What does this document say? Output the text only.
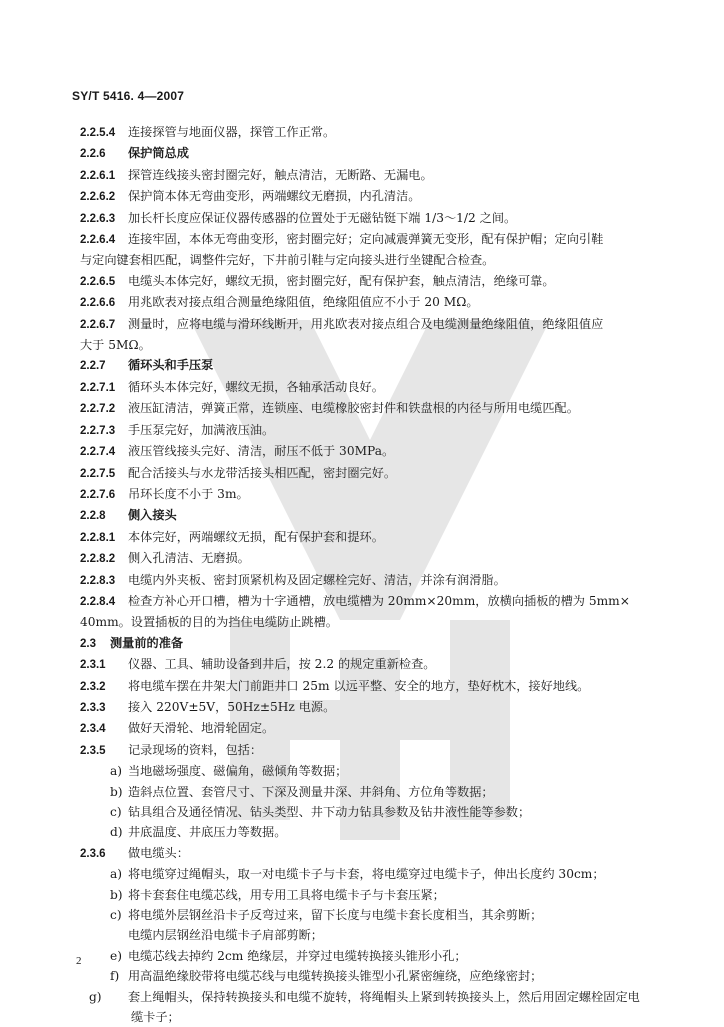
SY/T 5416. 4—2007
2.2.5.4 连接探管与地面仪器，探管工作正常。
2.2.6 保护筒总成
2.2.6.1 探管连线接头密封圈完好，触点清洁，无断路、无漏电。
2.2.6.2 保护筒本体无弯曲变形，两端螺纹无磨损，内孔清洁。
2.2.6.3 加长杆长度应保证仪器传感器的位置处于无磁钻铤下端 1/3～1/2 之间。
2.2.6.4 连接牢固，本体无弯曲变形，密封圈完好；定向减震弹簧无变形，配有保护帽；定向引鞋
与定向键套相匹配，调整件完好，下井前引鞋与定向接头进行坐键配合检查。
2.2.6.5 电缆头本体完好，螺纹无损，密封圈完好，配有保护套，触点清洁，绝缘可靠。
2.2.6.6 用兆欧表对接点组合测量绝缘阻值，绝缘阻值应不小于 20 MΩ。
2.2.6.7 测量时，应将电缆与滑环线断开，用兆欧表对接点组合及电缆测量绝缘阻值，绝缘阻值应
大于 5MΩ。
2.2.7 循环头和手压泵
2.2.7.1 循环头本体完好，螺纹无损，各轴承活动良好。
2.2.7.2 液压缸清洁，弹簧正常，连锁座、电缆橡胶密封件和铁盘根的内径与所用电缆匹配。
2.2.7.3 手压泵完好，加满液压油。
2.2.7.4 液压管线接头完好、清洁，耐压不低于 30MPa。
2.2.7.5 配合活接头与水龙带活接头相匹配，密封圈完好。
2.2.7.6 吊环长度不小于 3m。
2.2.8 侧入接头
2.2.8.1 本体完好，两端螺纹无损，配有保护套和提环。
2.2.8.2 侧入孔清洁、无磨损。
2.2.8.3 电缆内外夹板、密封顶紧机构及固定螺栓完好、清洁，并涂有润滑脂。
2.2.8.4 检查方补心开口槽，槽为十字通槽，放电缆槽为 20mm×20mm，放横向插板的槽为 5mm×
40mm。设置插板的目的为挡住电缆防止跳槽。
2.3 测量前的准备
2.3.1 仪器、工具、辅助设备到井后，按 2.2 的规定重新检查。
2.3.2 将电缆车摆在井架大门前距井口 25m 以远平整、安全的地方，垫好枕木，接好地线。
2.3.3 接入 220V±5V，50Hz±5Hz 电源。
2.3.4 做好天滑轮、地滑轮固定。
2.3.5 记录现场的资料，包括：
a) 当地磁场强度、磁偏角，磁倾角等数据；
b) 造斜点位置、套管尺寸、下深及测量井深、井斜角、方位角等数据；
c) 钻具组合及通径情况、钻头类型、井下动力钻具参数及钻井液性能等参数；
d) 井底温度、井底压力等数据。
2.3.6 做电缆头：
a) 将电缆穿过绳帽头，取一对电缆卡子与卡套，将电缆穿过电缆卡子，伸出长度约 30cm；
b) 将卡套套住电缆芯线，用专用工具将电缆卡子与卡套压紧；
c) 将电缆外层钢丝沿卡子反弯过来，留下长度与电缆卡套长度相当，其余剪断；
电缆内层钢丝沿电缆卡子肩部剪断；
e) 电缆芯线去掉约 2cm 绝缘层，并穿过电缆转换接头锥形小孔；
f) 用高温绝缘胶带将电缆芯线与电缆转换接头锥型小孔紧密缠绕，应绝缘密封；
g) 套上绳帽头，保持转换接头和电缆不旋转，将绳帽头上紧到转换接头上，然后用固定螺栓固定电缆卡子；
2
